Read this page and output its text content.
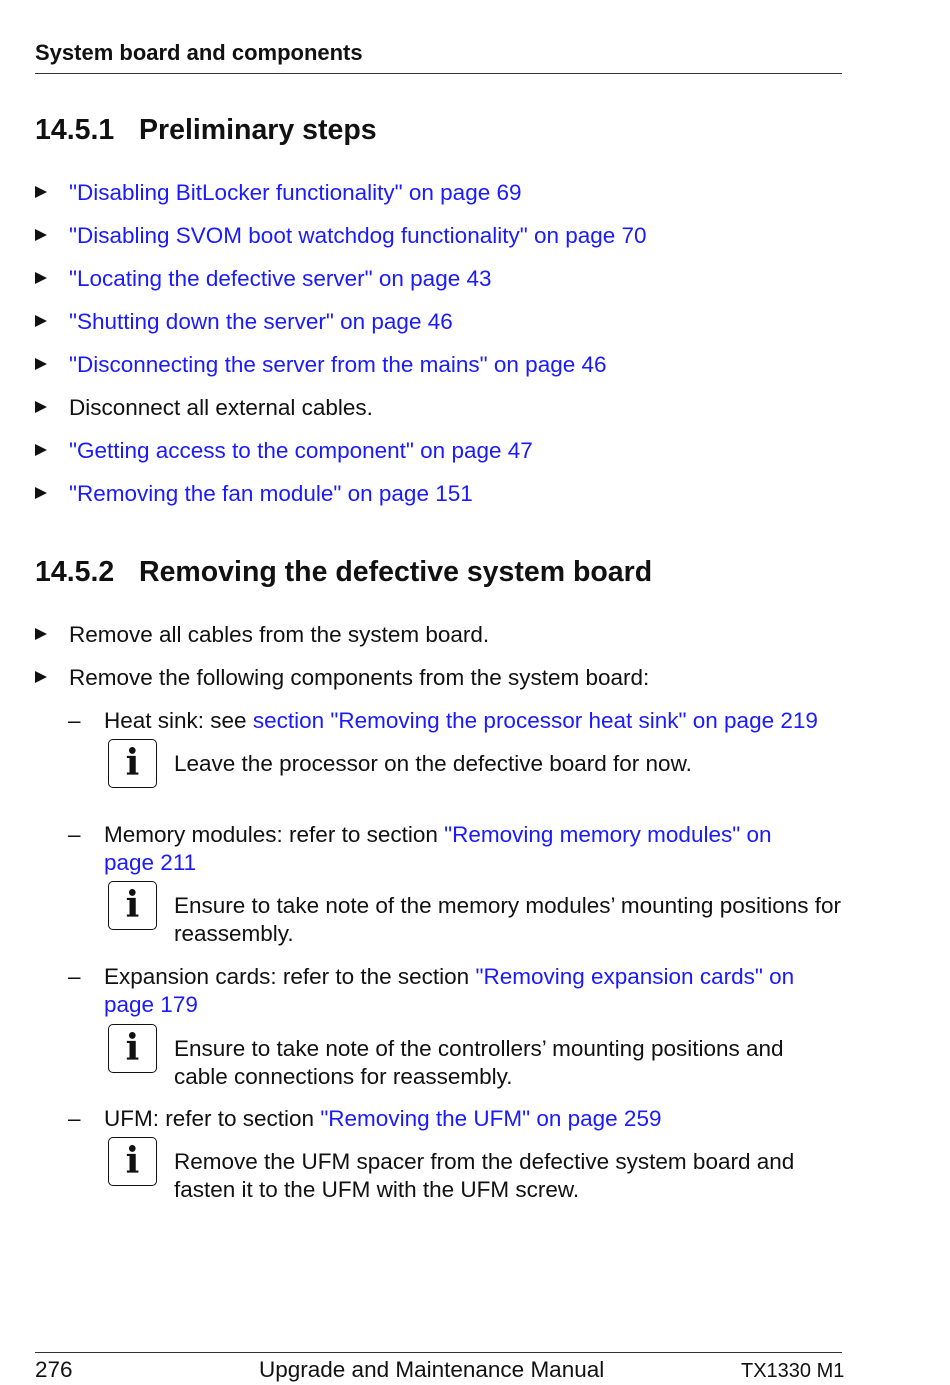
System board and components
14.5.1 Preliminary steps
"Disabling BitLocker functionality" on page 69
"Disabling SVOM boot watchdog functionality" on page 70
"Locating the defective server" on page 43
"Shutting down the server" on page 46
"Disconnecting the server from the mains" on page 46
Disconnect all external cables.
"Getting access to the component" on page 47
"Removing the fan module" on page 151
14.5.2 Removing the defective system board
Remove all cables from the system board.
Remove the following components from the system board:
– Heat sink: see section "Removing the processor heat sink" on page 219
i	Leave the processor on the defective board for now.
– Memory modules: refer to section "Removing memory modules" on page 211
i	Ensure to take note of the memory modules’ mounting positions for reassembly.
– Expansion cards: refer to the section "Removing expansion cards" on page 179
i	Ensure to take note of the controllers’ mounting positions and cable connections for reassembly.
– UFM: refer to section "Removing the UFM" on page 259
i	Remove the UFM spacer from the defective system board and fasten it to the UFM with the UFM screw.
276	Upgrade and Maintenance Manual	TX1330 M1
